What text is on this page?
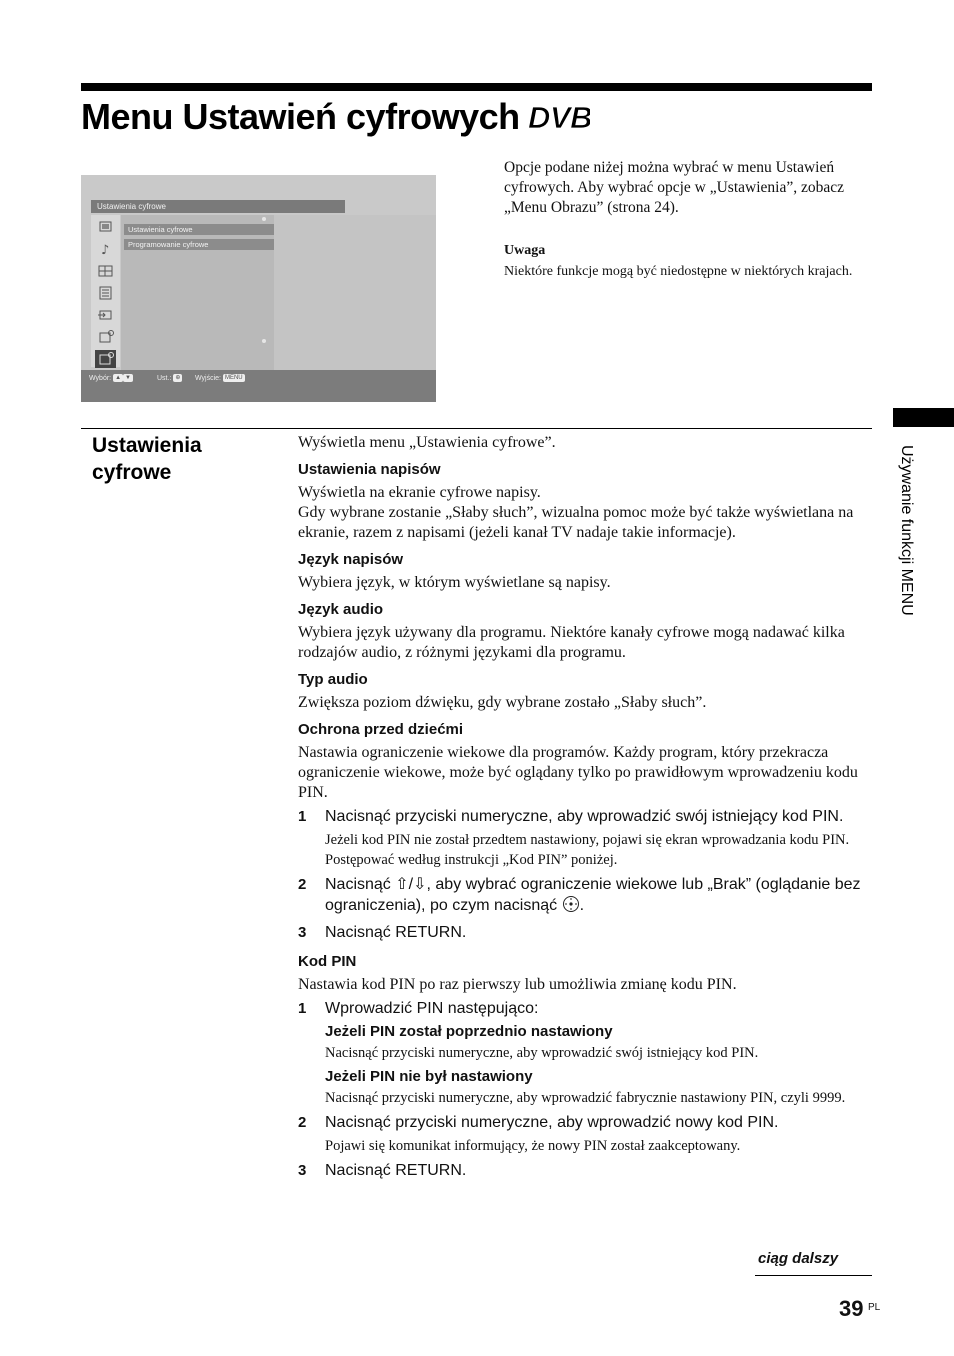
Menu Ustawień cyfrowych DVB
Ustawienia cyfrowe
♪
Ustawienia cyfrowe
Programowanie cyfrowe
Wybór: ▲ ▼	Ust.: ⊕ Wyjście: MENU
Opcje podane niżej można wybrać w menu Ustawień cyfrowych. Aby wybrać opcje w „Ustawienia”, zobacz „Menu Obrazu” (strona 24).
Uwaga
Niektóre funkcje mogą być niedostępne w niektórych krajach.
Ustawienia cyfrowe

Wyświetla menu „Ustawienia cyfrowe”.

Ustawienia napisów

Wyświetla na ekranie cyfrowe napisy.
Gdy wybrane zostanie „Słaby słuch”, wizualna pomoc może być także wyświetlana na ekranie, razem z napisami (jeżeli kanał TV nadaje takie informacje).

Język napisów

Wybiera język, w którym wyświetlane są napisy.

Język audio

Wybiera język używany dla programu. Niektóre kanały cyfrowe mogą nadawać kilka rodzajów audio, z różnymi językami dla programu.

Typ audio

Zwiększa poziom dźwięku, gdy wybrane zostało „Słaby słuch”.

Ochrona przed dziećmi

Nastawia ograniczenie wiekowe dla programów. Każdy program, który przekracza ograniczenie wiekowe, może być oglądany tylko po prawidłowym wprowadzeniu kodu PIN.

1 Nacisnąć przyciski numeryczne, aby wprowadzić swój istniejący kod PIN.
Jeżeli kod PIN nie został przedtem nastawiony, pojawi się ekran wprowadzania kodu PIN. Postępować według instrukcji „Kod PIN” poniżej.
2 Nacisnąć ⇧/⇩, aby wybrać ograniczenie wiekowe lub „Brak” (oglądanie bez ograniczenia), po czym nacisnąć .
3 Nacisnąć RETURN.
Kod PIN

Nastawia kod PIN po raz pierwszy lub umożliwia zmianę kodu PIN.

1 Wprowadzić PIN następująco:
Jeżeli PIN został poprzednio nastawiony
Nacisnąć przyciski numeryczne, aby wprowadzić swój istniejący kod PIN.
Jeżeli PIN nie był nastawiony
Nacisnąć przyciski numeryczne, aby wprowadzić fabrycznie nastawiony PIN, czyli 9999.
2 Nacisnąć przyciski numeryczne, aby wprowadzić nowy kod PIN.
Pojawi się komunikat informujący, że nowy PIN został zaakceptowany.
3 Nacisnąć RETURN.
Używanie funkcji MENU
ciąg dalszy
39 PL
